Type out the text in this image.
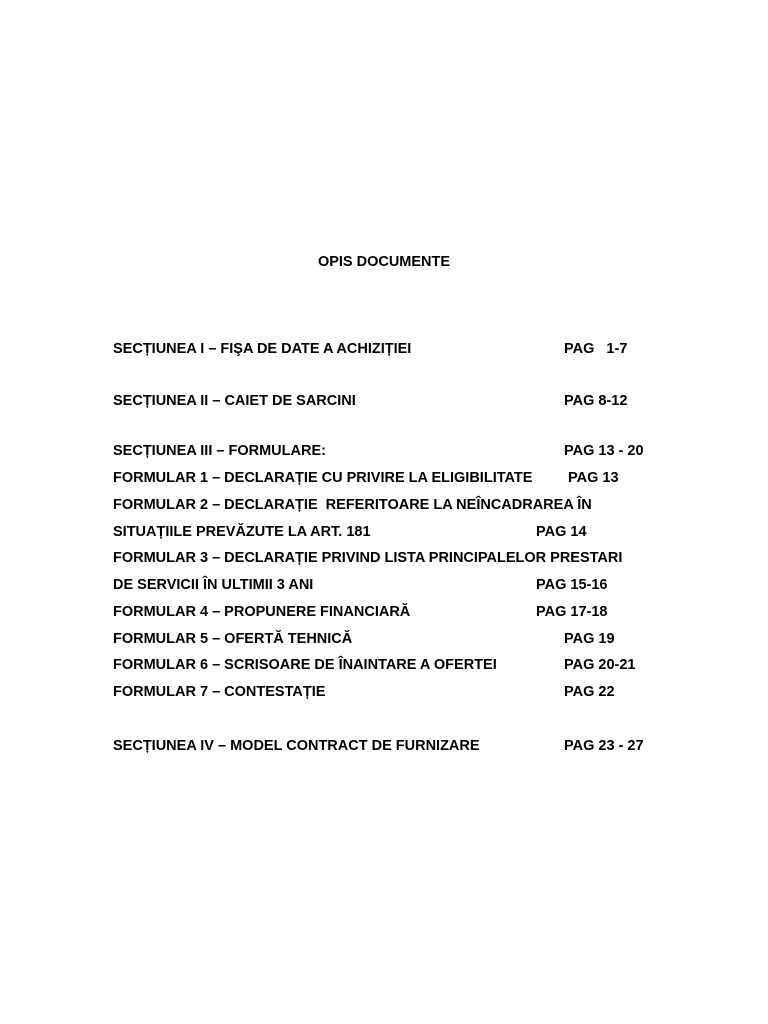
OPIS DOCUMENTE
SECȚIUNEA I – FIŞA DE DATE A ACHIZIȚIEI	PAG   1-7
SECȚIUNEA II – CAIET DE SARCINI	PAG 8-12
SECȚIUNEA III – FORMULARE:	PAG 13 - 20
FORMULAR 1 – DECLARAȚIE CU PRIVIRE LA ELIGIBILITATE PAG 13
FORMULAR 2 – DECLARAȚIE  REFERITOARE LA NEÎNCADRAREA ÎN
SITUAȚIILE PREVĂZUTE LA ART. 181	PAG 14
FORMULAR 3 – DECLARAȚIE PRIVIND LISTA PRINCIPALELOR PRESTARI
DE SERVICII ÎN ULTIMII 3 ANI	PAG 15-16
FORMULAR 4 – PROPUNERE FINANCIARĂ	PAG 17-18
FORMULAR 5 – OFERTĂ TEHNICĂ	PAG 19
FORMULAR 6 – SCRISOARE DE ÎNAINTARE A OFERTEI	PAG 20-21
FORMULAR 7 – CONTESTAȚIE	PAG 22
SECȚIUNEA IV – MODEL CONTRACT DE FURNIZARE	PAG 23 - 27
